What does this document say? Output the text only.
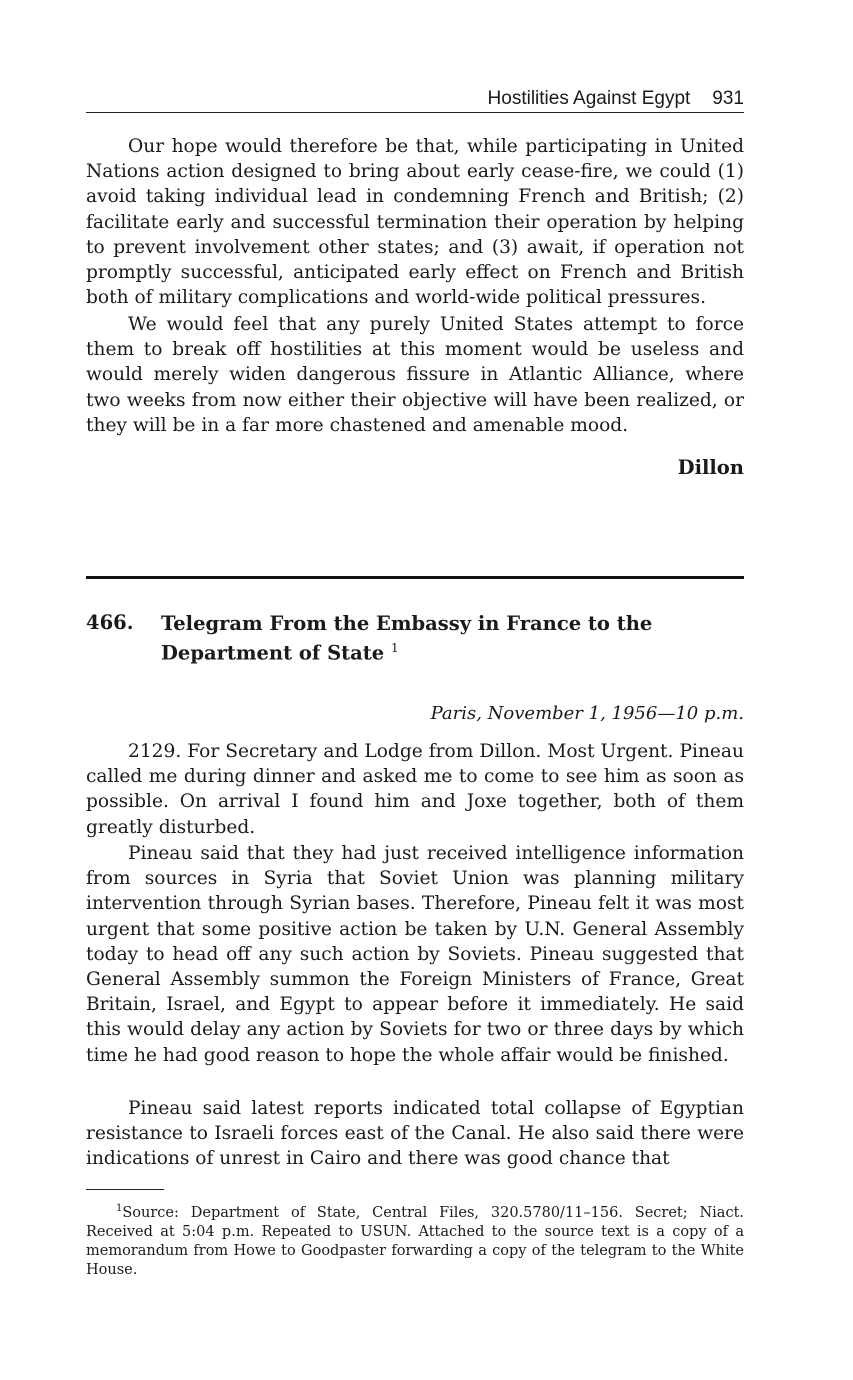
Hostilities Against Egypt 931

Our hope would therefore be that, while participating in United Nations action designed to bring about early cease-fire, we could (1) avoid taking individual lead in condemning French and British; (2) facilitate early and successful termination their operation by helping to prevent involvement other states; and (3) await, if operation not promptly successful, anticipated early effect on French and British both of military complications and world-wide political pressures.

We would feel that any purely United States attempt to force them to break off hostilities at this moment would be useless and would merely widen dangerous fissure in Atlantic Alliance, where two weeks from now either their objective will have been realized, or they will be in a far more chastened and amenable mood.

Dillon
466. Telegram From the Embassy in France to the Department of State $^1$
Paris, November 1, 1956—10 p.m.

2129. For Secretary and Lodge from Dillon. Most Urgent. Pineau called me during dinner and asked me to come to see him as soon as possible. On arrival I found him and Joxe together, both of them greatly disturbed.

Pineau said that they had just received intelligence information from sources in Syria that Soviet Union was planning military intervention through Syrian bases. Therefore, Pineau felt it was most urgent that some positive action be taken by U.N. General Assembly today to head off any such action by Soviets. Pineau suggested that General Assembly summon the Foreign Ministers of France, Great Britain, Israel, and Egypt to appear before it immediately. He said this would delay any action by Soviets for two or three days by which time he had good reason to hope the whole affair would be finished.

Pineau said latest reports indicated total collapse of Egyptian resistance to Israeli forces east of the Canal. He also said there were indications of unrest in Cairo and there was good chance that

$^1$Source: Department of State, Central Files, 320.5780/11–156. Secret; Niact. Received at 5:04 p.m. Repeated to USUN. Attached to the source text is a copy of a memorandum from Howe to Goodpaster forwarding a copy of the telegram to the White House.
